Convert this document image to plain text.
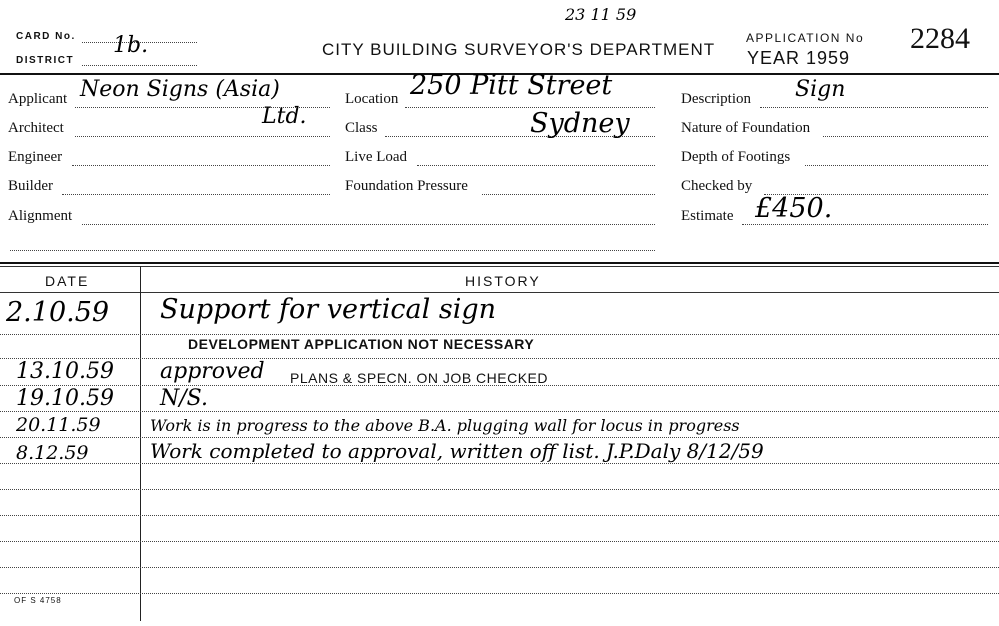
CARD No.
DISTRICT
1b.
23 11 59
CITY BUILDING SURVEYOR'S DEPARTMENT
APPLICATION No 2284
YEAR 1959
Applicant Neon Signs (Asia)
Ltd.
Architect
Engineer
Builder
Alignment
Location 250 Pitt Street
Class	Sydney
Live Load
Foundation Pressure
Description Sign
Nature of Foundation
Depth of Footings
Checked by
Estimate £450.
DATE	HISTORY
2.10.59 Support for vertical sign
DEVELOPMENT APPLICATION NOT NECESSARY
13.10.59 approved PLANS & SPECN. ON JOB CHECKED
19.10.59 N/S.
20.11.59	Work is in progress to the above B.A. plugging wall for locus in progress
8.12.59	Work completed to approval, written off list. J.P.Daly 8/12/59
OF S 4758
